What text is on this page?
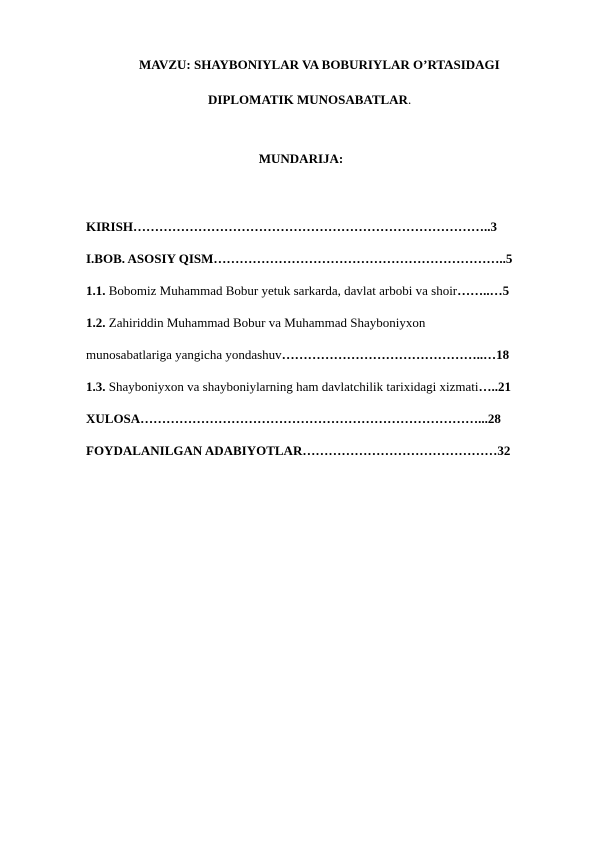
MAVZU: SHAYBONIYLAR VA BOBURIYLAR O’RTASIDAGI
DIPLOMATIK MUNOSABATLAR.
MUNDARIJA:
KIRISH………………………………………………………………………..3
I.BOB. ASOSIY QISM…………………………………………………………..5
1.1. Bobomiz Muhammad Bobur yetuk sarkarda, davlat arbobi va shoir……..…5
1.2. Zahiriddin Muhammad Bobur va Muhammad Shayboniyxon
munosabatlariga yangicha yondashuv………………………………………..…18
1.3. Shayboniyxon va shayboniylarning ham davlatchilik tarixidagi xizmati…..21
XULOSA……………………………………………………………………...28
FOYDALANILGAN ADABIYOTLAR………………………………………32
